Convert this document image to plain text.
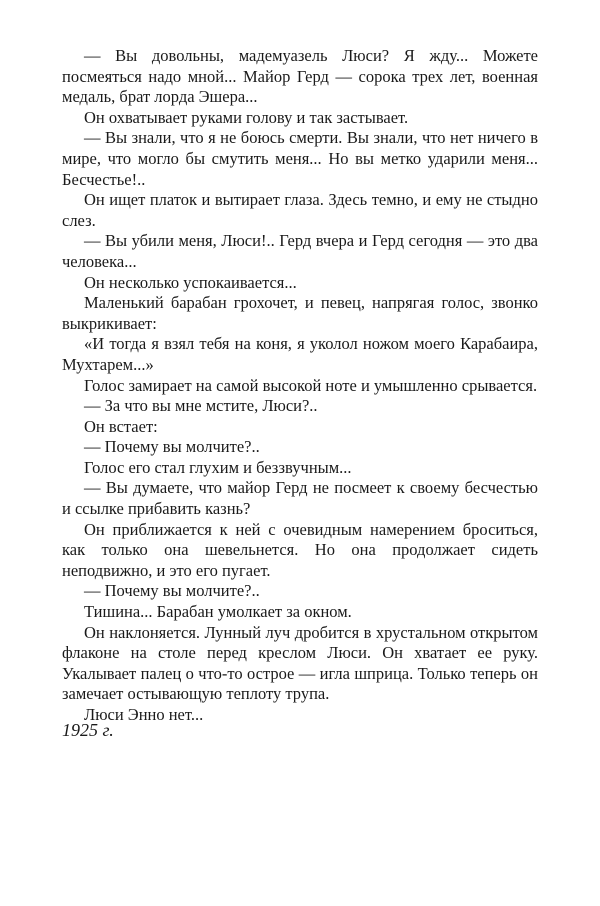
— Вы довольны, мадемуазель Люси? Я жду... Можете посмеяться надо мной... Майор Герд — сорока трех лет, военная медаль, брат лорда Эшера...

Он охватывает руками голову и так застывает.

— Вы знали, что я не боюсь смерти. Вы знали, что нет ничего в мире, что могло бы смутить меня... Но вы метко ударили меня... Бесчестье!..

Он ищет платок и вытирает глаза. Здесь темно, и ему не стыдно слез.

— Вы убили меня, Люси!.. Герд вчера и Герд сегодня — это два человека...

Он несколько успокаивается...

Маленький барабан грохочет, и певец, напрягая голос, звонко выкрикивает:

«И тогда я взял тебя на коня, я уколол ножом моего Карабаира, Мухтарем...»

Голос замирает на самой высокой ноте и умышленно срывается.

— За что вы мне мстите, Люси?..

Он встает:

— Почему вы молчите?..

Голос его стал глухим и беззвучным...

— Вы думаете, что майор Герд не посмеет к своему бесчестью и ссылке прибавить казнь?

Он приближается к ней с очевидным намерением броситься, как только она шевельнется. Но она продолжает сидеть неподвижно, и это его пугает.

— Почему вы молчите?..

Тишина... Барабан умолкает за окном.

Он наклоняется. Лунный луч дробится в хрустальном открытом флаконе на столе перед креслом Люси. Он хватает ее руку. Укалывает палец о что-то острое — игла шприца. Только теперь он замечает остывающую теплоту трупа.

Люси Энно нет...

1925 г.
